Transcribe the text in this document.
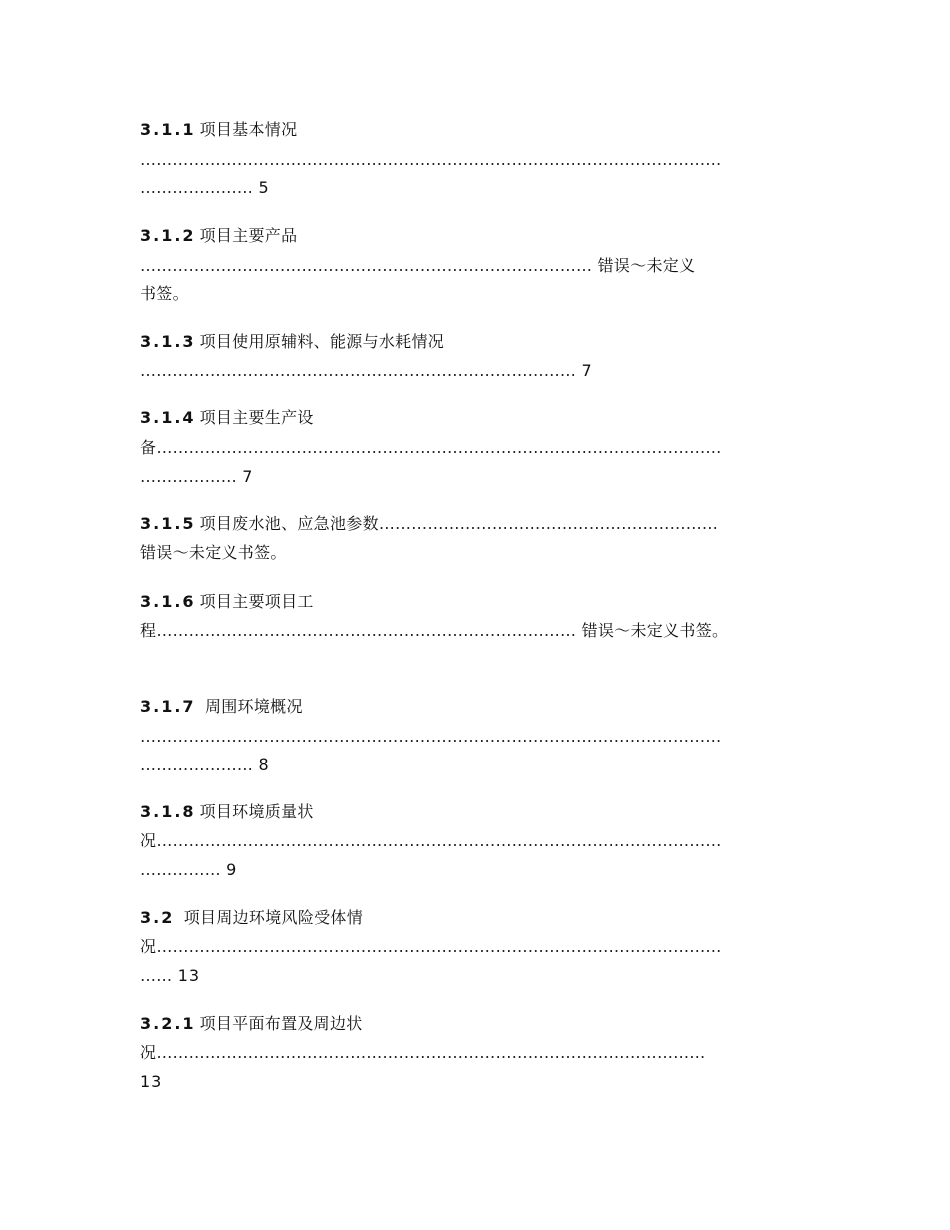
3.1.1 项目基本情况
………………………………………………………………………………………………
………………… 5
3.1.2 项目主要产品
………………………………………………………………………… 错误～未定义
书签。
3.1.3 项目使用原辅料、能源与水耗情况
……………………………………………………………………… 7
3.1.4 项目主要生产设
备……………………………………………………………………………………………
……………… 7
3.1.5 项目废水池、应急池参数………………………………………………………
错误～未定义书签。
3.1.6 项目主要项目工
程…………………………………………………………………… 错误～未定义书签。
3.1.7 周围环境概况
………………………………………………………………………………………………
………………… 8
3.1.8 项目环境质量状
况……………………………………………………………………………………………
…………… 9
3.2 项目周边环境风险受体情
况……………………………………………………………………………………………
…… 13
3.2.1 项目平面布置及周边状
况…………………………………………………………………………………………
13
